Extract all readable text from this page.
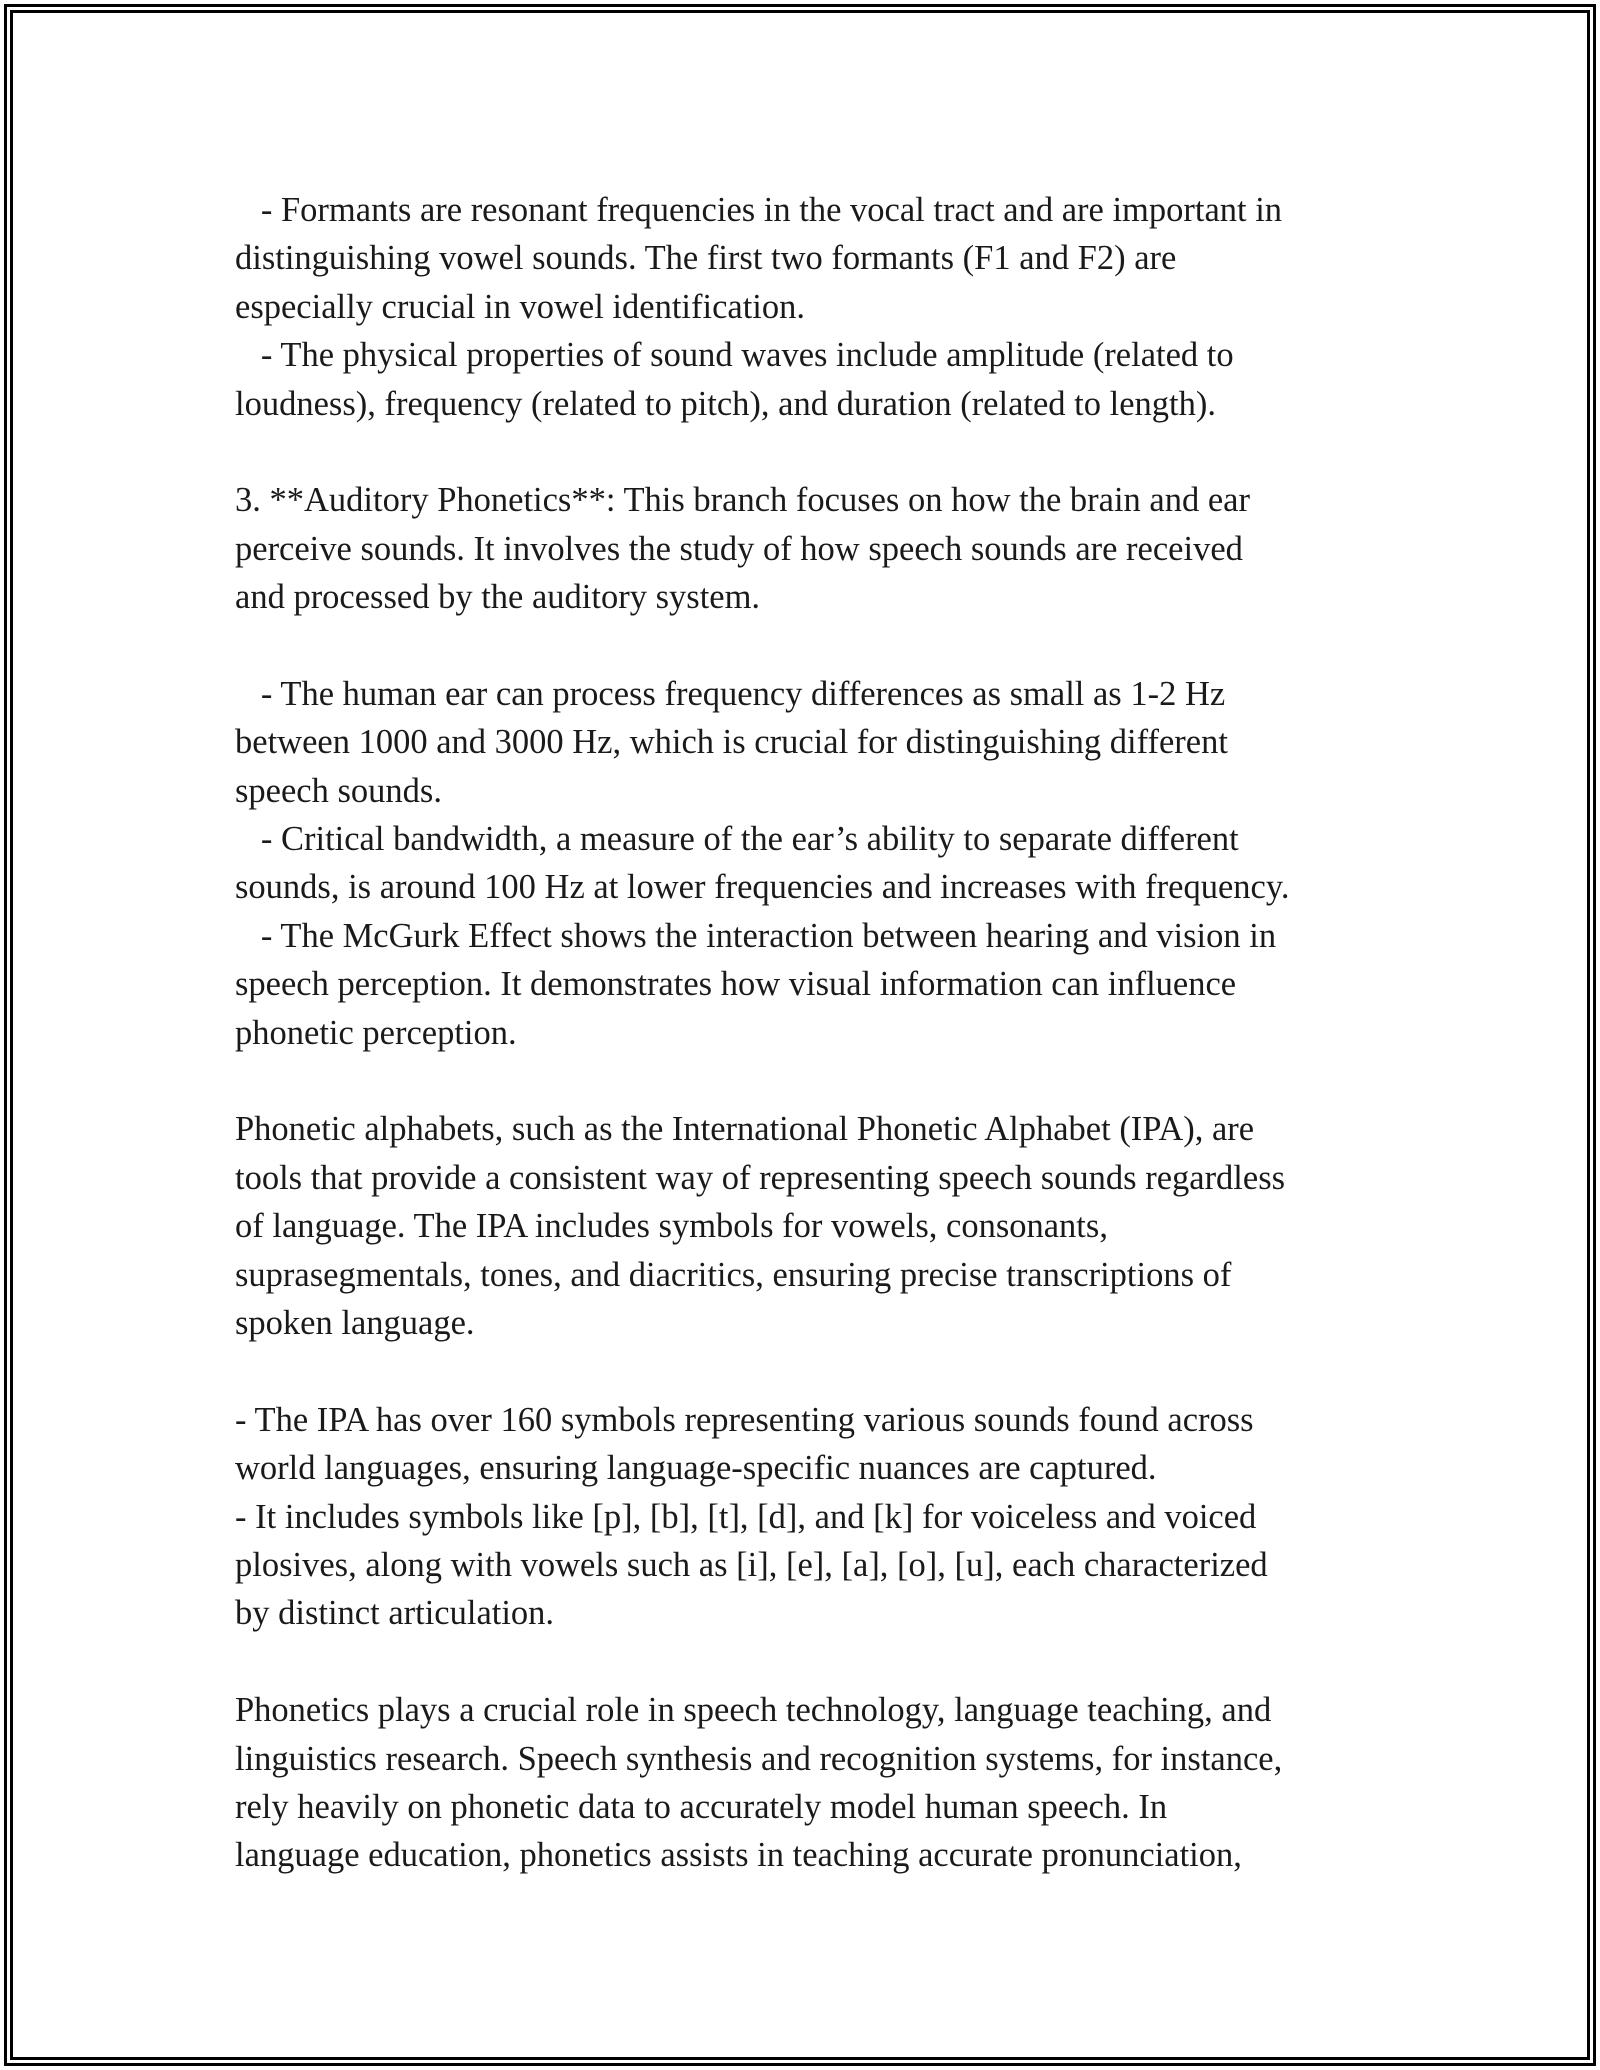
- Formants are resonant frequencies in the vocal tract and are important in
distinguishing vowel sounds. The first two formants (F1 and F2) are
especially crucial in vowel identification.
- The physical properties of sound waves include amplitude (related to
loudness), frequency (related to pitch), and duration (related to length).
3. **Auditory Phonetics**: This branch focuses on how the brain and ear
perceive sounds. It involves the study of how speech sounds are received
and processed by the auditory system.
- The human ear can process frequency differences as small as 1-2 Hz
between 1000 and 3000 Hz, which is crucial for distinguishing different
speech sounds.
- Critical bandwidth, a measure of the ear’s ability to separate different
sounds, is around 100 Hz at lower frequencies and increases with frequency.
- The McGurk Effect shows the interaction between hearing and vision in
speech perception. It demonstrates how visual information can influence
phonetic perception.
Phonetic alphabets, such as the International Phonetic Alphabet (IPA), are
tools that provide a consistent way of representing speech sounds regardless
of language. The IPA includes symbols for vowels, consonants,
suprasegmentals, tones, and diacritics, ensuring precise transcriptions of
spoken language.
- The IPA has over 160 symbols representing various sounds found across
world languages, ensuring language-specific nuances are captured.
- It includes symbols like [p], [b], [t], [d], and [k] for voiceless and voiced
plosives, along with vowels such as [i], [e], [a], [o], [u], each characterized
by distinct articulation.
Phonetics plays a crucial role in speech technology, language teaching, and
linguistics research. Speech synthesis and recognition systems, for instance,
rely heavily on phonetic data to accurately model human speech. In
language education, phonetics assists in teaching accurate pronunciation,
